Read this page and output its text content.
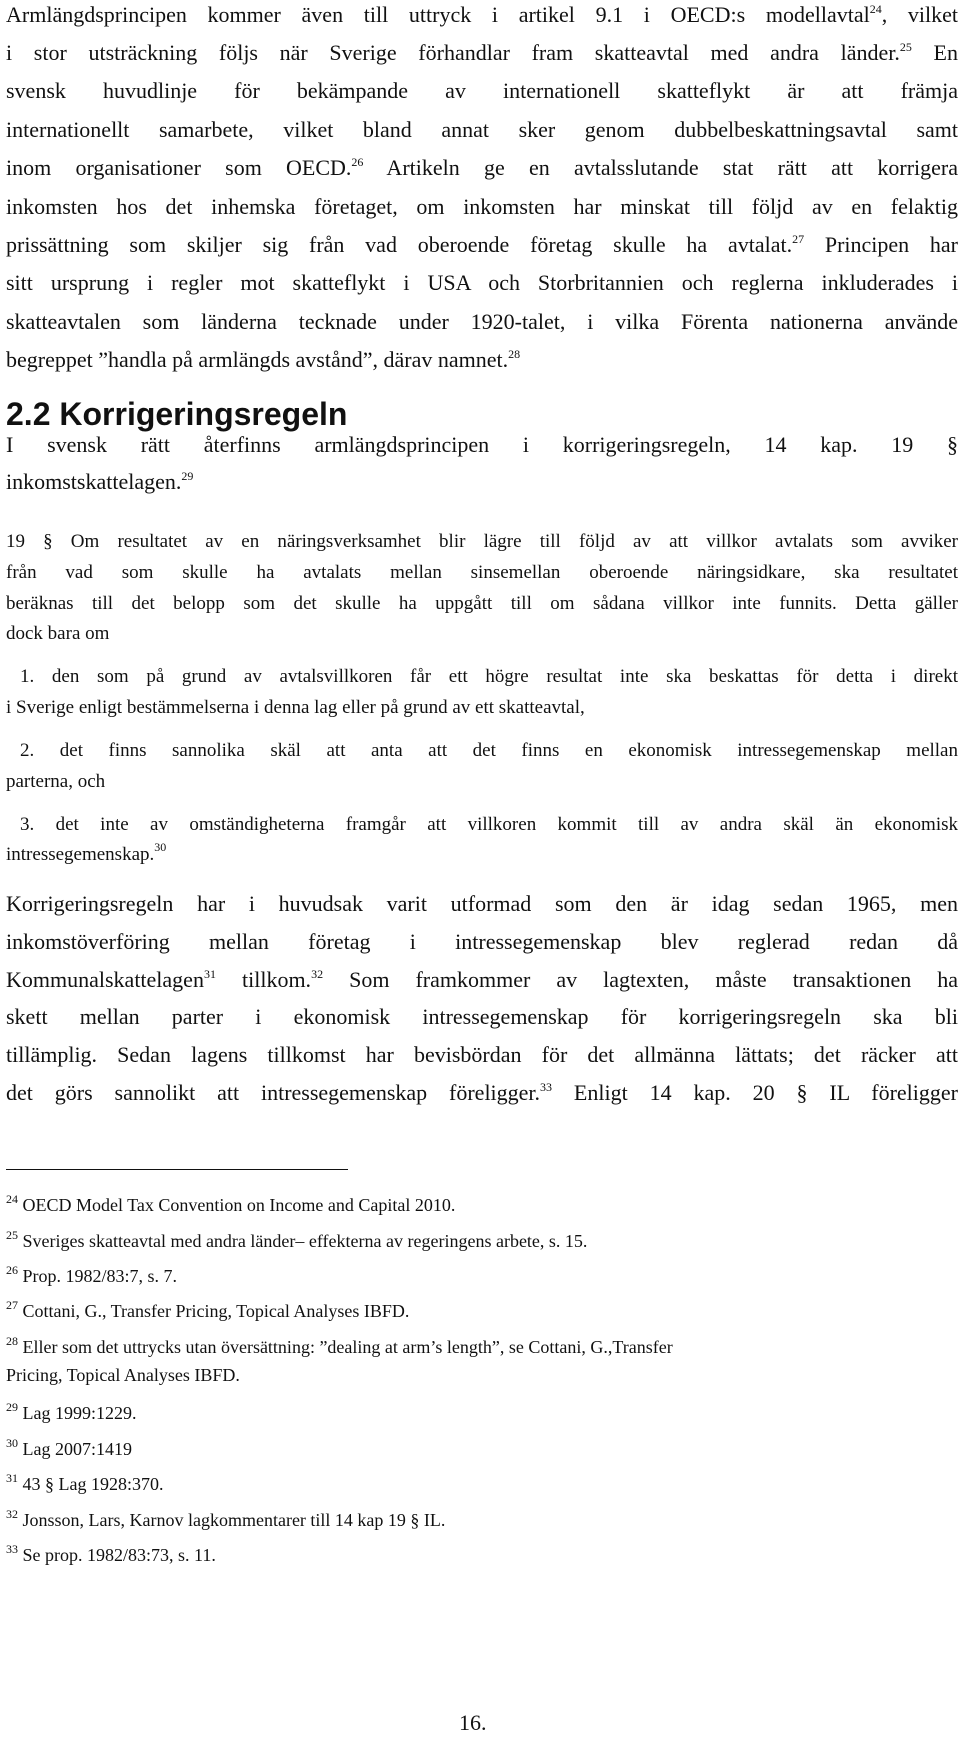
Armlängdsprincipen kommer även till uttryck i artikel 9.1 i OECD:s modellavtal$^{24}$, vilket
i stor utsträckning följs när Sverige förhandlar fram skatteavtal med andra länder.$^{25}$ En
svensk huvudlinje för bekämpande av internationell skatteflykt är att främja
internationellt samarbete, vilket bland annat sker genom dubbelbeskattningsavtal samt
inom organisationer som OECD.$^{26}$ Artikeln ge en avtalsslutande stat rätt att korrigera
inkomsten hos det inhemska företaget, om inkomsten har minskat till följd av en felaktig
prissättning som skiljer sig från vad oberoende företag skulle ha avtalat.$^{27}$ Principen har
sitt ursprung i regler mot skatteflykt i USA och Storbritannien och reglerna inkluderades i
skatteavtalen som länderna tecknade under 1920-talet, i vilka Förenta nationerna använde
begreppet ”handla på armlängds avstånd”, därav namnet.$^{28}$
2.2 Korrigeringsregeln
I svensk rätt återfinns armlängdsprincipen i korrigeringsregeln, 14 kap. 19 §
inkomstskattelagen.$^{29}$
19 § Om resultatet av en näringsverksamhet blir lägre till följd av att villkor avtalats som avviker
från vad som skulle ha avtalats mellan sinsemellan oberoende näringsidkare, ska resultatet
beräknas till det belopp som det skulle ha uppgått till om sådana villkor inte funnits. Detta gäller
dock bara om
1. den som på grund av avtalsvillkoren får ett högre resultat inte ska beskattas för detta i direkt
i Sverige enligt bestämmelserna i denna lag eller på grund av ett skatteavtal,
2. det finns sannolika skäl att anta att det finns en ekonomisk intressegemenskap mellan
parterna, och
3. det inte av omständigheterna framgår att villkoren kommit till av andra skäl än ekonomisk
intressegemenskap.$^{30}$
Korrigeringsregeln har i huvudsak varit utformad som den är idag sedan 1965, men
inkomstöverföring mellan företag i intressegemenskap blev reglerad redan då
Kommunalskattelagen$^{31}$ tillkom.$^{32}$ Som framkommer av lagtexten, måste transaktionen ha
skett mellan parter i ekonomisk intressegemenskap för korrigeringsregeln ska bli
tillämplig. Sedan lagens tillkomst har bevisbördan för det allmänna lättats; det räcker att
det görs sannolikt att intressegemenskap föreligger.$^{33}$ Enligt 14 kap. 20 § IL föreligger
16.
$^{24}$ OECD Model Tax Convention on Income and Capital 2010.
$^{25}$ Sveriges skatteavtal med andra länder– effekterna av regeringens arbete, s. 15.
$^{26}$ Prop. 1982/83:7, s. 7.
$^{27}$ Cottani, G., Transfer Pricing, Topical Analyses IBFD.
$^{28}$ Eller som det uttrycks utan översättning: ”dealing at arm’s length”, se Cottani, G.,Transfer
Pricing, Topical Analyses IBFD.
$^{29}$ Lag 1999:1229.
$^{30}$ Lag 2007:1419
$^{31}$ 43 § Lag 1928:370.
$^{32}$ Jonsson, Lars, Karnov lagkommentarer till 14 kap 19 § IL.
$^{33}$ Se prop. 1982/83:73, s. 11.
